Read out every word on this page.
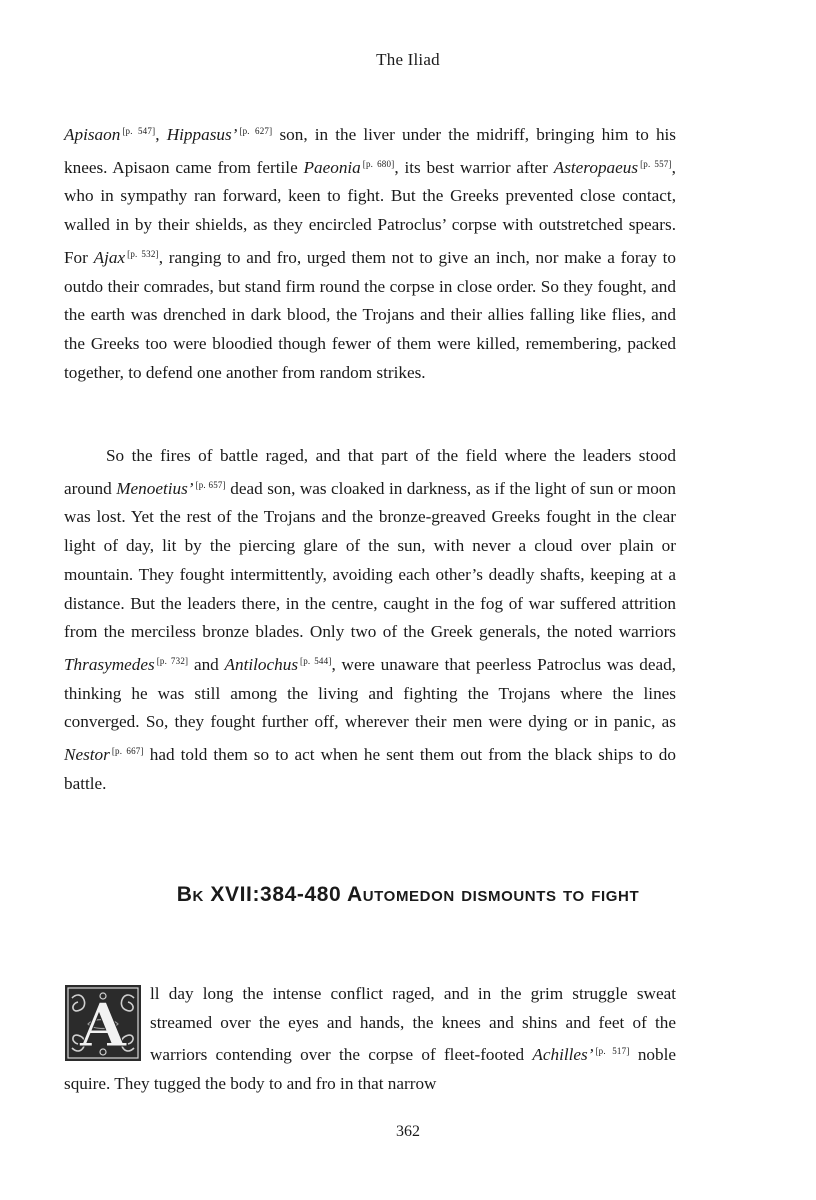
The Iliad

Apisaon [p. 547], Hippasus’ [p. 627] son, in the liver under the midriff, bringing him to his knees. Apisaon came from fertile Paeonia [p. 680], its best warrior after Asteropaeus [p. 557], who in sympathy ran forward, keen to fight. But the Greeks prevented close contact, walled in by their shields, as they encircled Patroclus’ corpse with outstretched spears. For Ajax [p. 532], ranging to and fro, urged them not to give an inch, nor make a foray to outdo their comrades, but stand firm round the corpse in close order. So they fought, and the earth was drenched in dark blood, the Trojans and their allies falling like flies, and the Greeks too were bloodied though fewer of them were killed, remembering, packed together, to defend one another from random strikes.

So the fires of battle raged, and that part of the field where the leaders stood around Menoetius’ [p. 657] dead son, was cloaked in darkness, as if the light of sun or moon was lost. Yet the rest of the Trojans and the bronze-greaved Greeks fought in the clear light of day, lit by the piercing glare of the sun, with never a cloud over plain or mountain. They fought intermittently, avoiding each other’s deadly shafts, keeping at a distance. But the leaders there, in the centre, caught in the fog of war suffered attrition from the merciless bronze blades. Only two of the Greek generals, the noted warriors Thrasymedes [p. 732] and Antilochus [p. 544], were unaware that peerless Patroclus was dead, thinking he was still among the living and fighting the Trojans where the lines converged. So, they fought further off, wherever their men were dying or in panic, as Nestor [p. 667] had told them so to act when he sent them out from the black ships to do battle.

Bk XVII:384-480 Automedon dismounts to fight
A	ll day long the intense conflict raged, and in the grim struggle sweat streamed over the eyes and hands, the knees and shins and feet of the warriors contending over the corpse of fleet-footed Achilles’ [p. 517] noble squire. They tugged the body to and fro in that narrow

362
